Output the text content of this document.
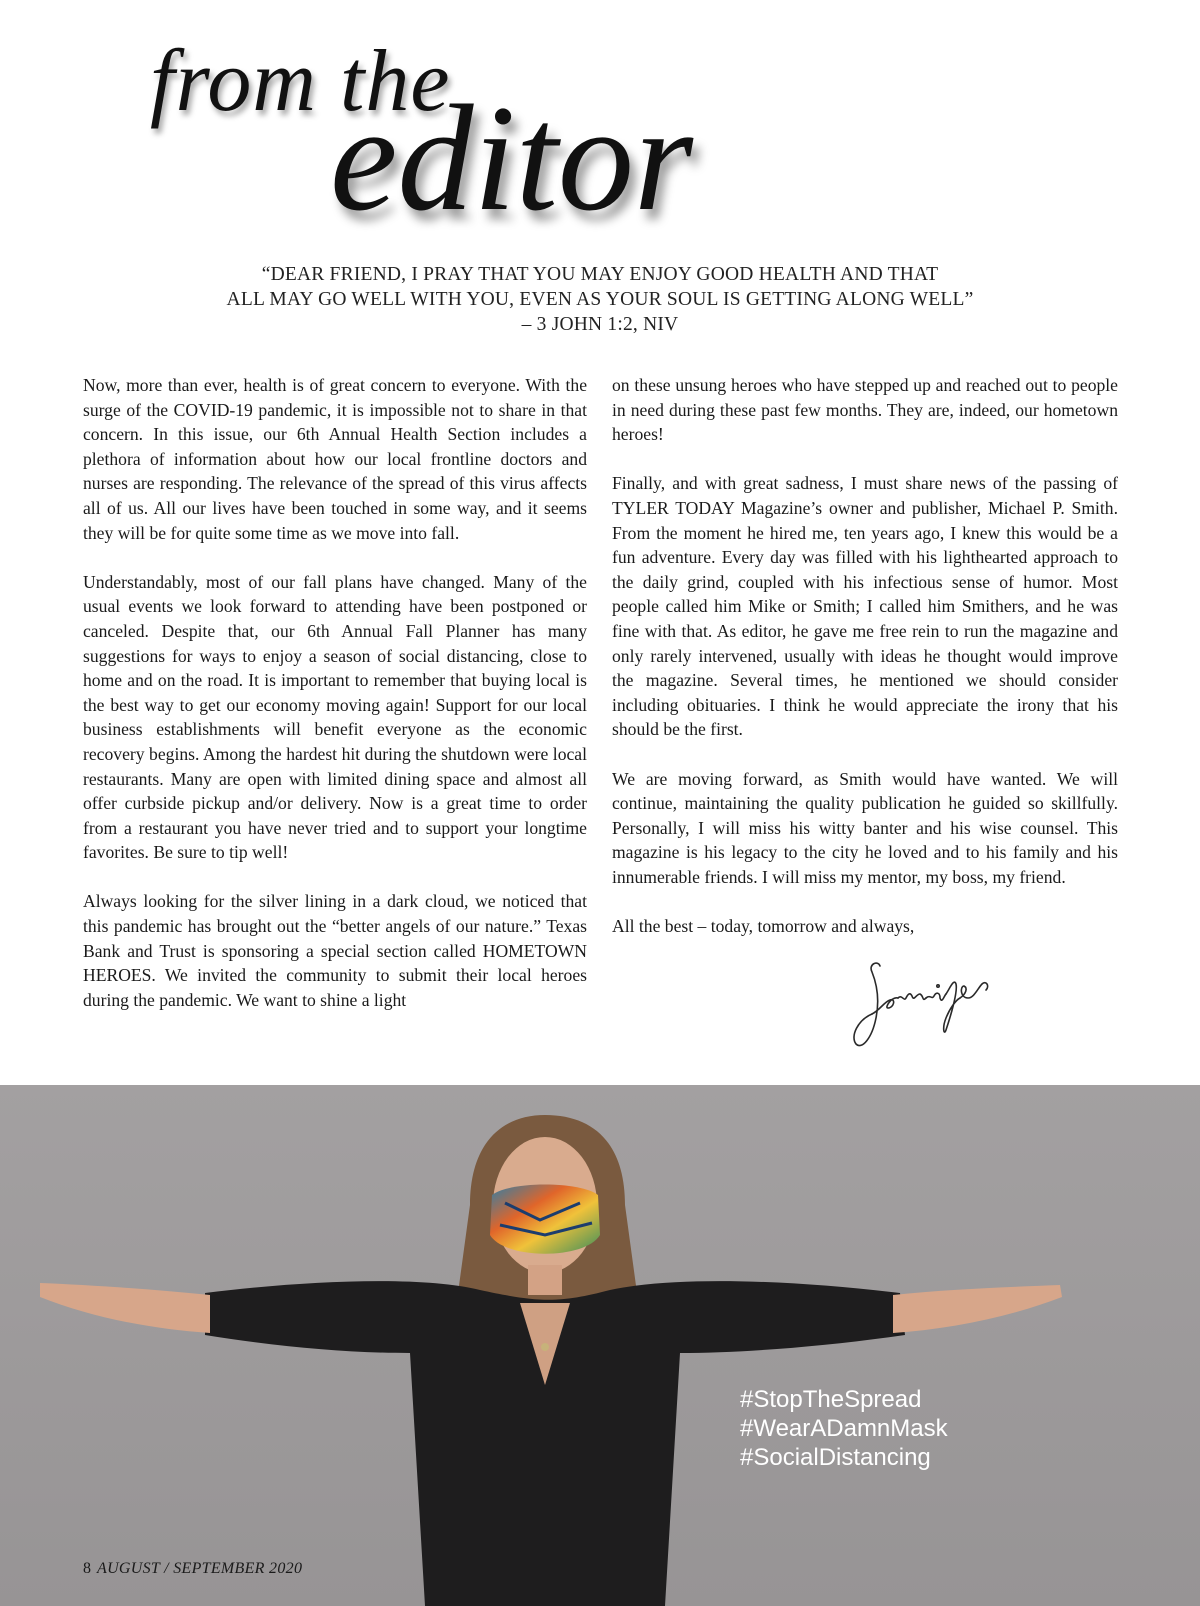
from the
editor
“DEAR FRIEND, I PRAY THAT YOU MAY ENJOY GOOD HEALTH AND THAT
ALL MAY GO WELL WITH YOU, EVEN AS YOUR SOUL IS GETTING ALONG WELL”
– 3 JOHN 1:2, NIV

Now, more than ever, health is of great concern to everyone. With the surge of the COVID-19 pandemic, it is impossible not to share in that concern. In this issue, our 6th Annual Health Section includes a plethora of information about how our local frontline doctors and nurses are responding. The relevance of the spread of this virus affects all of us. All our lives have been touched in some way, and it seems they will be for quite some time as we move into fall.

Understandably, most of our fall plans have changed. Many of the usual events we look forward to attending have been postponed or canceled. Despite that, our 6th Annual Fall Planner has many suggestions for ways to enjoy a season of social distancing, close to home and on the road. It is important to remember that buying local is the best way to get our economy moving again! Support for our local business establishments will benefit everyone as the economic recovery begins. Among the hardest hit during the shutdown were local restaurants. Many are open with limited dining space and almost all offer curbside pickup and/or delivery. Now is a great time to order from a restaurant you have never tried and to support your longtime favorites. Be sure to tip well!

Always looking for the silver lining in a dark cloud, we noticed that this pandemic has brought out the “better angels of our nature.” Texas Bank and Trust is sponsoring a special section called HOMETOWN HEROES. We invited the community to submit their local heroes during the pandemic. We want to shine a light

on these unsung heroes who have stepped up and reached out to people in need during these past few months. They are, indeed, our hometown heroes!

Finally, and with great sadness, I must share news of the passing of TYLER TODAY Magazine’s owner and publisher, Michael P. Smith. From the moment he hired me, ten years ago, I knew this would be a fun adventure. Every day was filled with his lighthearted approach to the daily grind, coupled with his infectious sense of humor. Most people called him Mike or Smith; I called him Smithers, and he was fine with that. As editor, he gave me free rein to run the magazine and only rarely intervened, usually with ideas he thought would improve the magazine. Several times, he mentioned we should consider including obituaries. I think he would appreciate the irony that his should be the first.

We are moving forward, as Smith would have wanted. We will continue, maintaining the quality publication he guided so skillfully. Personally, I will miss his witty banter and his wise counsel. This magazine is his legacy to the city he loved and to his family and his innumerable friends. I will miss my mentor, my boss, my friend.

All the best – today, tomorrow and always,

#StopTheSpread
#WearADamnMask
#SocialDistancing
8 AUGUST / SEPTEMBER 2020
